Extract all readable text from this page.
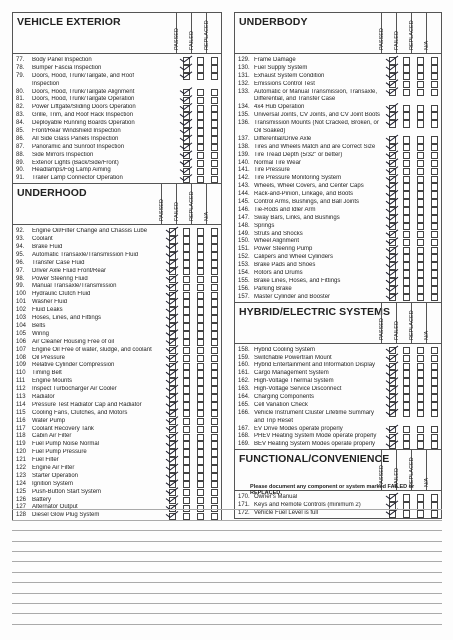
VEHICLE EXTERIOR
PASSED FAILED REPLACED
77.	Body Panel Inspection
78.	Bumper Fascia Inspection
79.	Doors, Hood, Trunk/Tailgate, and Roof
Inspection
80.	Doors, Hood, Trunk/Tailgate Alignment
81.	Doors, Hood, Trunk/Tailgate Operation
82.	Power Liftgate/Sliding Doors Operation
83.	Grille, Trim, and Roof Rack Inspection
84.	Deployable Running Boards Operation
85.	Front/Rear Windshield Inspection
86.	All Side Glass Panels Inspection
87.	Panoramic and Sunroof Inspection
88.	Side Mirrors Inspection
89.	Exterior Lights (Back/Side/Front)
90.	Headlamps/Fog Lamp Aiming
91.	Trailer Lamp Connector Operation
UNDERHOOD
PASSED FAILED REPLACED N/A
92.	Engine Oil/Filter Change and Chassis Lube
93.	Coolant
94.	Brake Fluid
95.	Automatic Transaxle/Transmission Fluid
96.	Transfer Case Fluid
97.	Driver Axle Fluid Front/Rear
98.	Power Steering Fluid
99.	Manual Transaxle/Transmission
100 Hydraulic Clutch Fluid
101 Washer Fluid
102 Fluid Leaks
103 Hoses, Lines, and Fittings
104 Belts
105 Wiring
106 Air Cleaner Housing Free of oil
107 Engine Oil Free of water, sludge, and coolant
108 Oil Pressure
109 Relative Cylinder Compression
110	Timing Belt
111	Engine Mounts
112	Inspect Turbocharger Air Cooler
113	Radiator
114	Pressure Test Radiator Cap and Radiator
115	Cooling Fans, Clutches, and Motors
116	Water Pump
117	Coolant Recovery Tank
118	Cabin Air Filter
119	Fuel Pump Noise Normal
120 Fuel Pump Pressure
121 Fuel Filter
122 Engine Air Filter
123 Starter Operation
124 Ignition System
125 Push-Button Start System
126 Battery
127 Alternator Output
128 Diesel Glow Plug System
UNDERBODY
PASSED FAILED REPLACED N/A
129. Frame Damage
130. Fuel Supply System
131. Exhaust System Condition
132. Emissions Control Test
133. Automatic or Manual Transmission, Transaxle,
Differential, and Transfer Case
134. 4x4 Hub Operation
135. Universal Joints, CV Joints, and CV Joint Boots
136. Transmission Mounts (Not Cracked, Broken, or
Oil Soaked)
137. Differential/Drive Axle
138. Tires and Wheels Match and are Correct Size
139. Tire Tread Depth (5/32" or better)
140. Normal Tire Wear
141. Tire Pressure
142. Tire Pressure Monitoring System
143. Wheels, Wheel Covers, and Center Caps
144. Rack-and-Pinion, Linkage, and Boots
145. Control Arms, Bushings, and Ball Joints
146. Tie-Rods and Idler Arm
147. Sway Bars, Links, and Bushings
148. Springs
149. Struts and Shocks
150. Wheel Alignment
151. Power Steering Pump
152. Calipers and Wheel Cylinders
153. Brake Pads and Shoes
154. Rotors and Drums
155. Brake Lines, Hoses, and Fittings
156. Parking Brake
157. Master Cylinder and Booster
HYBRID/ELECTRIC SYSTEMS
PASSED FAILED REPLACED N/A
158. Hybrid Cooling System
159. Switchable Powertrain Mount
160. Hybrid Entertainment and Information Display
161. Cargo Management System
162. High-Voltage Thermal System
163. High-Voltage Service Disconnect
164. Charging Components
165. Cell Variation Check
166. Vehicle Instrument Cluster Lifetime Summary
and Trip Reset
167. EV Drive Modes operate properly
168. PHEV Heating System Mode operate properly
169. BEV Heating System Modes operate properly
FUNCTIONAL/CONVENIENCE
PASSED FAILED REPLACED N/A
170. Owner's Manual
171. Keys and Remote Controls (minimum 2)
172. Vehicle Fuel Level is full
Please document any component or system marked FAILED or REPLACED.
